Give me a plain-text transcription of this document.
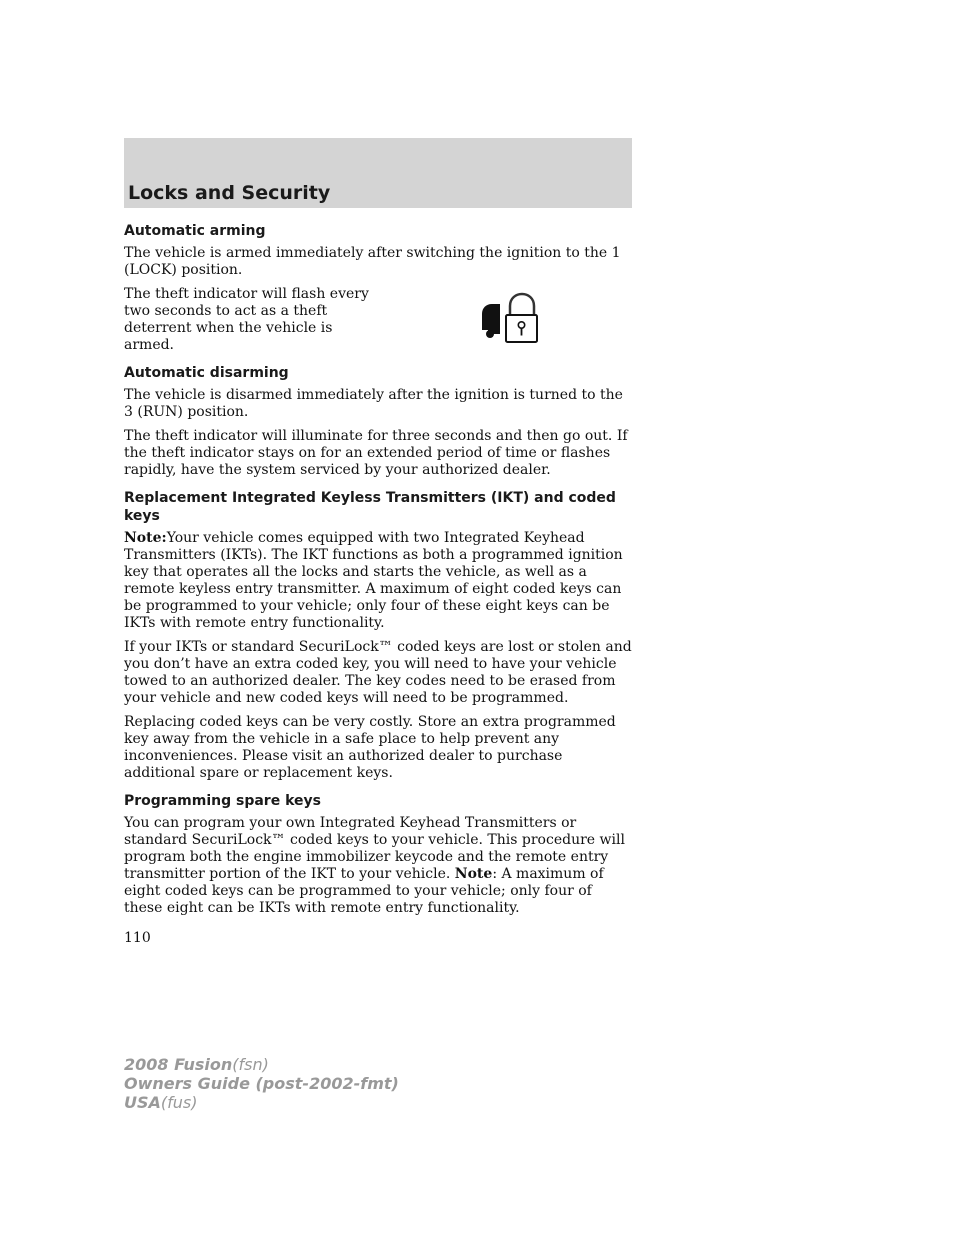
Locks and Security
Automatic arming

The vehicle is armed immediately after switching the ignition to the 1 (LOCK) position.

The theft indicator will flash every two seconds to act as a theft deterrent when the vehicle is armed.

Automatic disarming

The vehicle is disarmed immediately after the ignition is turned to the 3 (RUN) position.

The theft indicator will illuminate for three seconds and then go out. If the theft indicator stays on for an extended period of time or flashes rapidly, have the system serviced by your authorized dealer.

Replacement Integrated Keyless Transmitters (IKT) and coded keys

Note:Your vehicle comes equipped with two Integrated Keyhead Transmitters (IKTs). The IKT functions as both a programmed ignition key that operates all the locks and starts the vehicle, as well as a remote keyless entry transmitter. A maximum of eight coded keys can be programmed to your vehicle; only four of these eight keys can be IKTs with remote entry functionality.

If your IKTs or standard SecuriLock™ coded keys are lost or stolen and you don’t have an extra coded key, you will need to have your vehicle towed to an authorized dealer. The key codes need to be erased from your vehicle and new coded keys will need to be programmed.

Replacing coded keys can be very costly. Store an extra programmed key away from the vehicle in a safe place to help prevent any inconveniences. Please visit an authorized dealer to purchase additional spare or replacement keys.

Programming spare keys

You can program your own Integrated Keyhead Transmitters or standard SecuriLock™ coded keys to your vehicle. This procedure will program both the engine immobilizer keycode and the remote entry transmitter portion of the IKT to your vehicle. Note: A maximum of eight coded keys can be programmed to your vehicle; only four of these eight can be IKTs with remote entry functionality.

110

2008 Fusion(fsn)
Owners Guide (post-2002-fmt)
USA(fus)
